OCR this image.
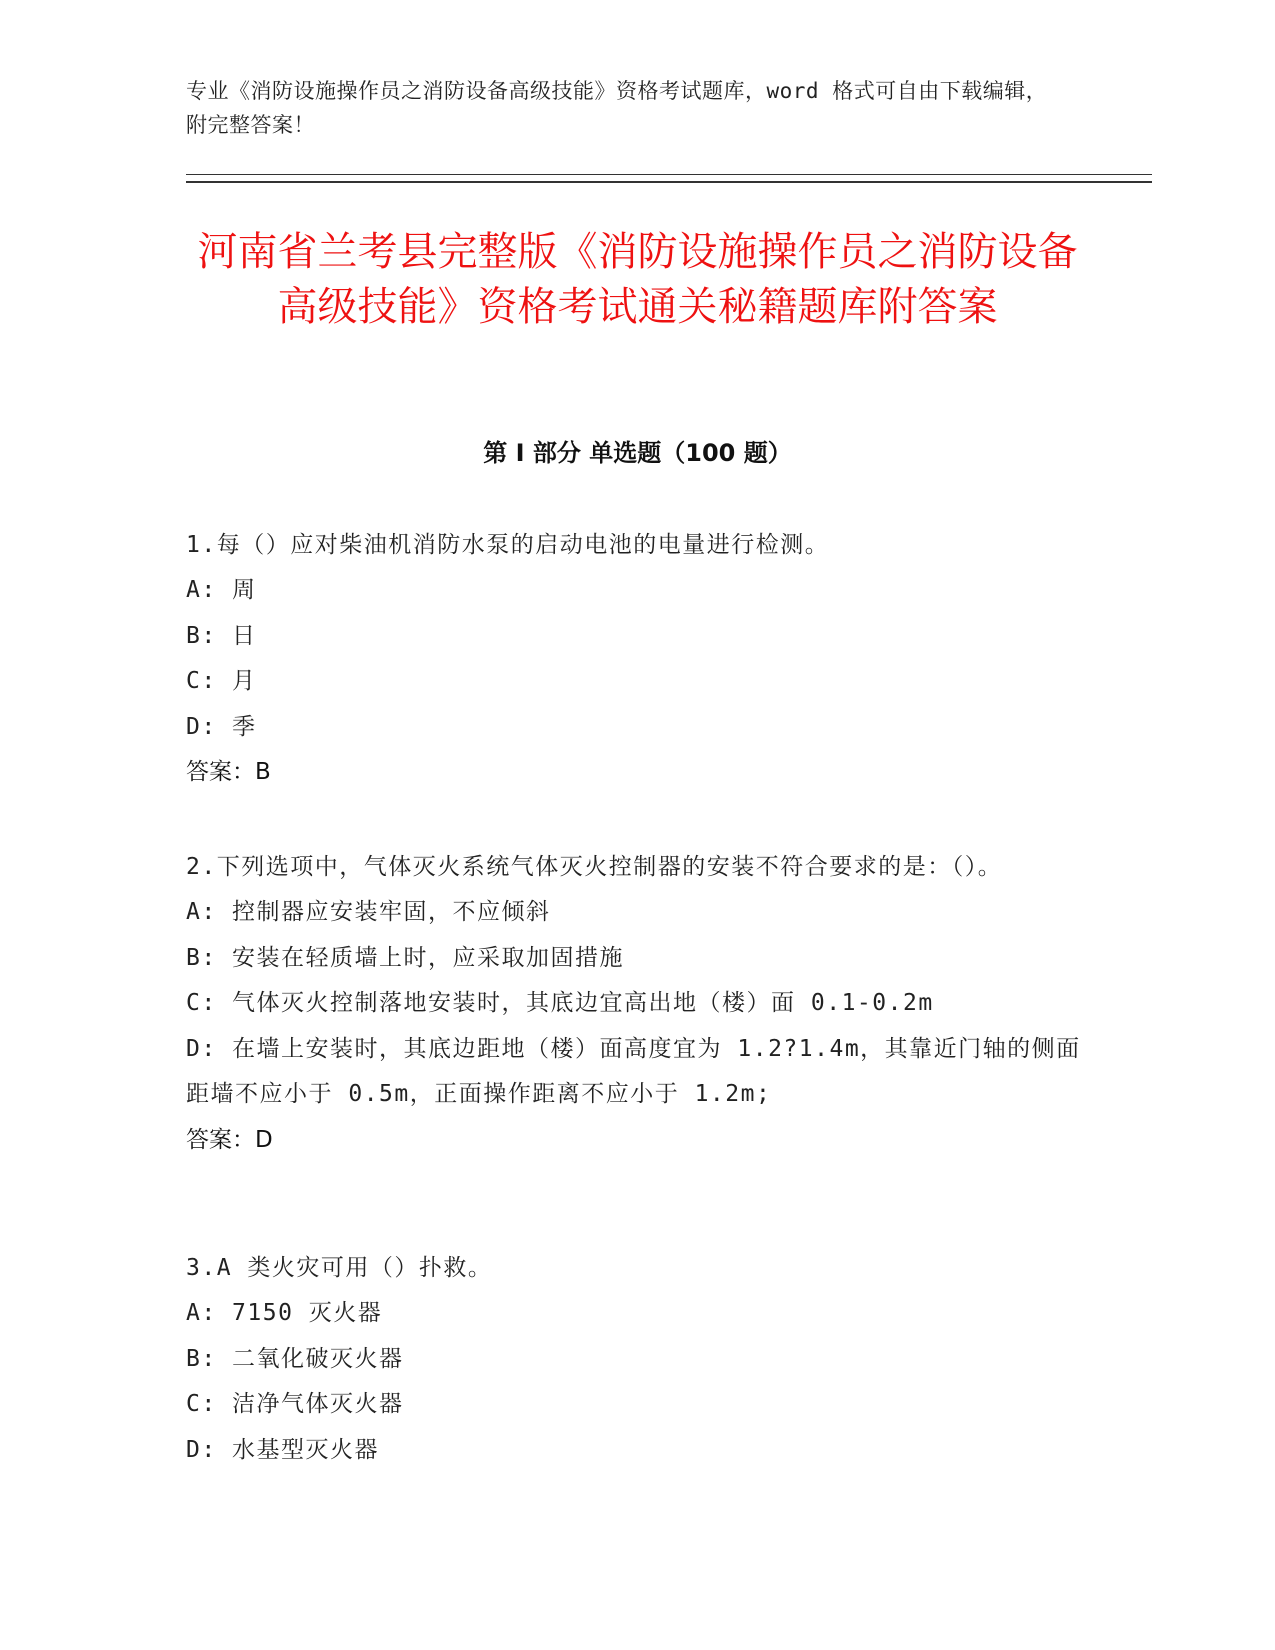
专业《消防设施操作员之消防设备高级技能》资格考试题库，word 格式可自由下载编辑，附完整答案！
河南省兰考县完整版《消防设施操作员之消防设备高级技能》资格考试通关秘籍题库附答案
第 I 部分 单选题（100 题）
1.每（）应对柴油机消防水泵的启动电池的电量进行检测。
A: 周
B: 日
C: 月
D: 季
答案：B
2.下列选项中，气体灭火系统气体灭火控制器的安装不符合要求的是：（）。
A: 控制器应安装牢固，不应倾斜
B: 安装在轻质墙上时，应采取加固措施
C: 气体灭火控制落地安装时，其底边宜高出地（楼）面 0.1-0.2m
D: 在墙上安装时，其底边距地（楼）面高度宜为 1.2?1.4m，其靠近门轴的侧面距墙不应小于 0.5m，正面操作距离不应小于 1.2m;
答案：D
3.A 类火灾可用（）扑救。
A: 7150 灭火器
B: 二氧化破灭火器
C: 洁净气体灭火器
D: 水基型灭火器
